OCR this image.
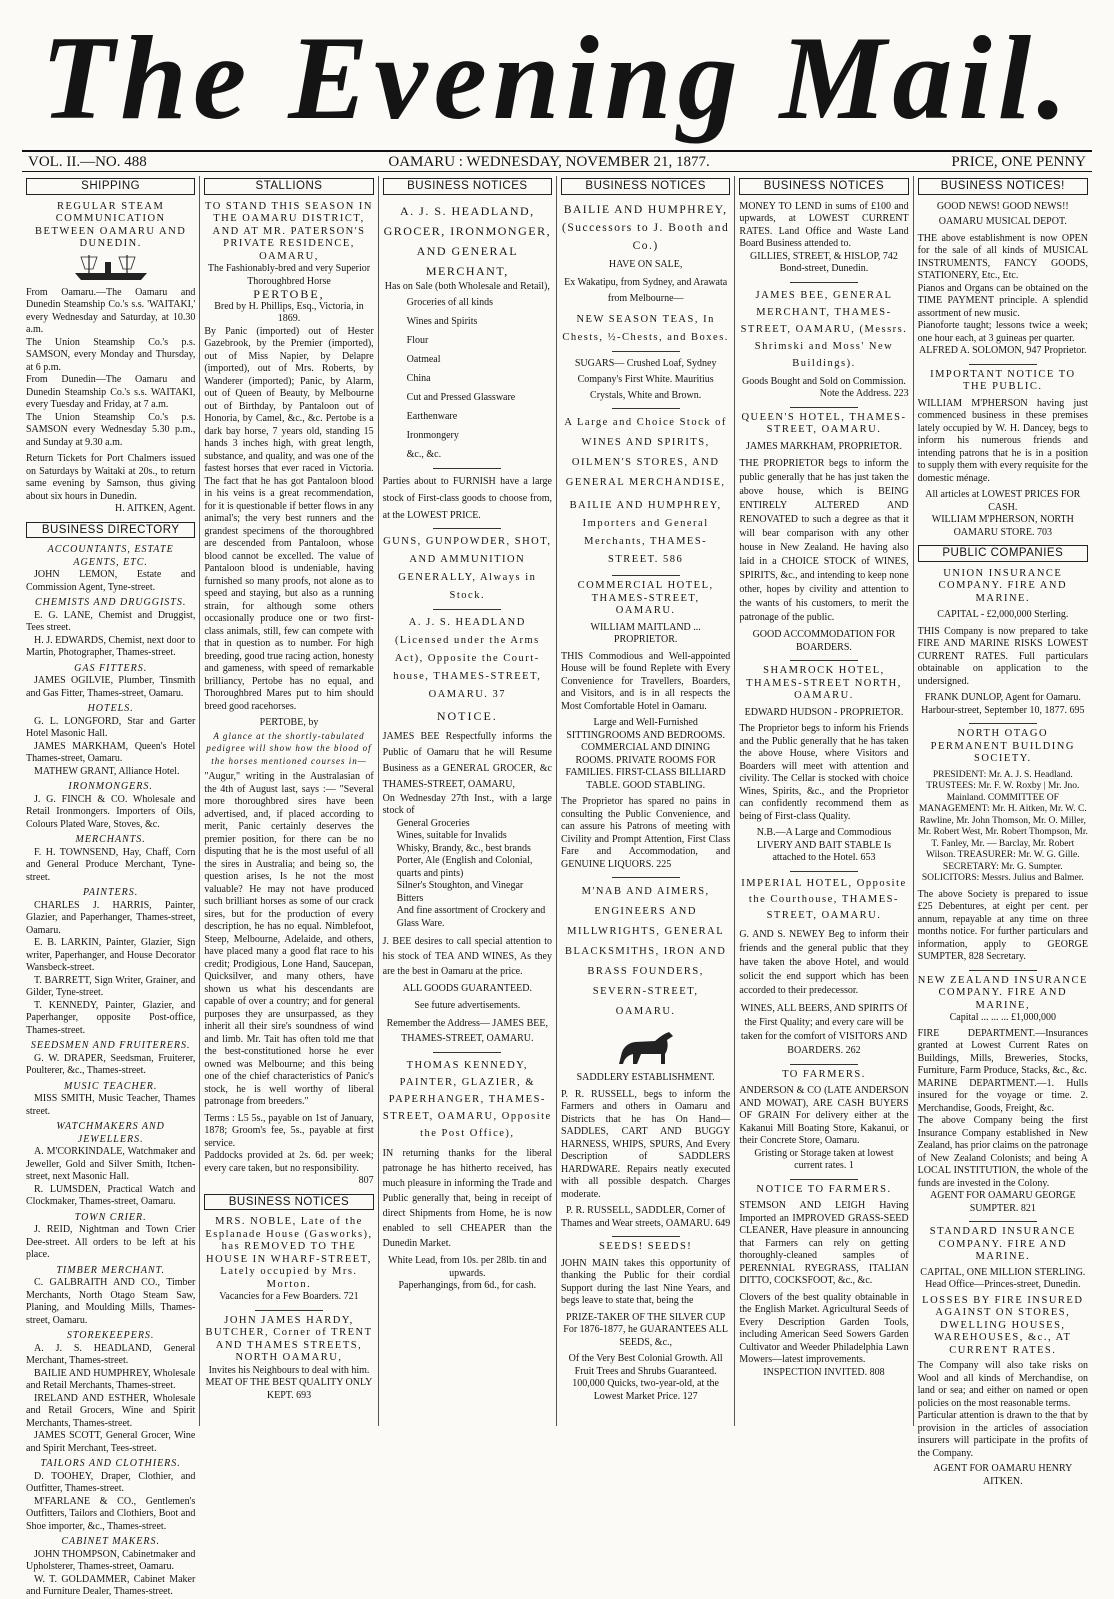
The Evening Mail.
VOL. II.—NO. 488	OAMARU : WEDNESDAY, NOVEMBER 21, 1877.	PRICE, ONE PENNY
SHIPPING
REGULAR STEAM COMMUNICATION BETWEEN OAMARU AND DUNEDIN.

From Oamaru.—The Oamaru and Dunedin Steamship Co.'s s.s. 'WAITAKI,' every Wednesday and Saturday, at 10.30 a.m.

The Union Steamship Co.'s p.s. SAMSON, every Monday and Thursday, at 6 p.m.

From Dunedin—The Oamaru and Dunedin Steamship Co.'s s.s. WAITAKI, every Tuesday and Friday, at 7 a.m.

The Union Steamship Co.'s p.s. SAMSON every Wednesday 5.30 p.m., and Sunday at 9.30 a.m.

Return Tickets for Port Chalmers issued on Saturdays by Waitaki at 20s., to return same evening by Samson, thus giving about six hours in Dunedin.

H. AITKEN, Agent.

BUSINESS DIRECTORY

ACCOUNTANTS, ESTATE AGENTS, ETC.

JOHN LEMON, Estate and Commission Agent, Tyne-street.

CHEMISTS AND DRUGGISTS.

E. G. LANE, Chemist and Druggist, Tees street.

H. J. EDWARDS, Chemist, next door to Martin, Photographer, Thames-street.

GAS FITTERS.

JAMES OGILVIE, Plumber, Tinsmith and Gas Fitter, Thames-street, Oamaru.

HOTELS.

G. L. LONGFORD, Star and Garter Hotel Masonic Hall.

JAMES MARKHAM, Queen's Hotel Thames-street, Oamaru.

MATHEW GRANT, Alliance Hotel.

IRONMONGERS.

J. G. FINCH & CO. Wholesale and Retail Ironmongers. Importers of Oils, Colours Plated Ware, Stoves, &c.

MERCHANTS.

F. H. TOWNSEND, Hay, Chaff, Corn and General Produce Merchant, Tyne-street.

PAINTERS.

CHARLES J. HARRIS, Painter, Glazier, and Paperhanger, Thames-street, Oamaru.

E. B. LARKIN, Painter, Glazier, Sign writer, Paperhanger, and House Decorator Wansbeck-street.

T. BARRETT, Sign Writer, Grainer, and Gilder, Tyne-street.

T. KENNEDY, Painter, Glazier, and Paperhanger, opposite Post-office, Thames-street.

SEEDSMEN AND FRUITERERS.

G. W. DRAPER, Seedsman, Fruiterer, Poulterer, &c., Thames-street.

MUSIC TEACHER.

MISS SMITH, Music Teacher, Thames street.

WATCHMAKERS AND JEWELLERS.

A. M'CORKINDALE, Watchmaker and Jeweller, Gold and Silver Smith, Itchen-street, next Masonic Hall.

R. LUMSDEN, Practical Watch and Clockmaker, Thames-street, Oamaru.

TOWN CRIER.

J. REID, Nightman and Town Crier Dee-street. All orders to be left at his place.

TIMBER MERCHANT.

C. GALBRAITH AND CO., Timber Merchants, North Otago Steam Saw, Planing, and Moulding Mills, Thames-street, Oamaru.

STOREKEEPERS.

A. J. S. HEADLAND, General Merchant, Thames-street.

BAILIE AND HUMPHREY, Wholesale and Retail Merchants, Thames-street.

IRELAND AND ESTHER, Wholesale and Retail Grocers, Wine and Spirit Merchants, Thames-street.

JAMES SCOTT, General Grocer, Wine and Spirit Merchant, Tees-street.

TAILORS AND CLOTHIERS.

D. TOOHEY, Draper, Clothier, and Outfitter, Thames-street.

M'FARLANE & CO., Gentlemen's Outfitters, Tailors and Clothiers, Boot and Shoe importer, &c., Thames-street.

CABINET MAKERS.

JOHN THOMPSON, Cabinetmaker and Upholsterer, Thames-street, Oamaru.

W. T. GOLDAMMER, Cabinet Maker and Furniture Dealer, Thames-street.

STALLIONS

TO STAND THIS SEASON IN THE OAMARU DISTRICT, AND AT MR. PATERSON'S PRIVATE RESIDENCE, OAMARU,

The Fashionably-bred and very Superior Thoroughbred Horse

PERTOBE,

Bred by H. Phillips, Esq., Victoria, in 1869.

By Panic (imported) out of Hester Gazebrook, by the Premier (imported), out of Miss Napier, by Delapre (imported), out of Mrs. Roberts, by Wanderer (imported); Panic, by Alarm, out of Queen of Beauty, by Melbourne out of Birthday, by Pantaloon out of Honoria, by Camel, &c., &c. Pertobe is a dark bay horse, 7 years old, standing 15 hands 3 inches high, with great length, substance, and quality, and was one of the fastest horses that ever raced in Victoria. The fact that he has got Pantaloon blood in his veins is a great recommendation, for it is questionable if better flows in any animal's; the very best runners and the grandest specimens of the thoroughbred are descended from Pantaloon, whose blood cannot be excelled. The value of Pantaloon blood is undeniable, having furnished so many proofs, not alone as to speed and staying, but also as a running strain, for although some others occasionally produce one or two first-class animals, still, few can compete with that in question as to number. For high breeding, good true racing action, honesty and gameness, with speed of remarkable brilliancy, Pertobe has no equal, and Thoroughbred Mares put to him should breed good racehorses.

PERTOBE, by

A glance at the shortly-tabulated pedigree will show how the blood of the horses mentioned courses in—

"Augur," writing in the Australasian of the 4th of August last, says :— "Several more thoroughbred sires have been advertised, and, if placed according to merit, Panic certainly deserves the premier position, for there can be no disputing that he is the most useful of all the sires in Australia; and being so, the question arises, Is he not the most valuable? He may not have produced such brilliant horses as some of our crack sires, but for the production of every description, he has no equal. Nimblefoot, Steep, Melbourne, Adelaide, and others, have placed many a good flat race to his credit; Prodigious, Lone Hand, Saucepan, Quicksilver, and many others, have shown us what his descendants are capable of over a country; and for general purposes they are unsurpassed, as they inherit all their sire's soundness of wind and limb. Mr. Tait has often told me that the best-constitutioned horse he ever owned was Melbourne; and this being one of the chief characteristics of Panic's stock, he is well worthy of liberal patronage from breeders."

Terms : L5 5s., payable on 1st of January, 1878; Groom's fee, 5s., payable at first service.

Paddocks provided at 2s. 6d. per week; every care taken, but no responsibility.

807

BUSINESS NOTICES

MRS. NOBLE, Late of the Esplanade House (Gasworks), has REMOVED TO THE HOUSE IN WHARF-STREET, Lately occupied by Mrs. Morton.

Vacancies for a Few Boarders. 721

JOHN JAMES HARDY, BUTCHER, Corner of TRENT AND THAMES STREETS, NORTH OAMARU,

Invites his Neighbours to deal with him.

MEAT OF THE BEST QUALITY ONLY KEPT. 693

BUSINESS NOTICES

A. J. S. HEADLAND, GROCER, IRONMONGER, AND GENERAL MERCHANT,

Has on Sale (both Wholesale and Retail),

Groceries of all kinds

Wines and Spirits

Flour

Oatmeal

China

Cut and Pressed Glassware

Earthenware

Ironmongery

&c., &c.

Parties about to FURNISH have a large stock of First-class goods to choose from, at the LOWEST PRICE.

GUNS, GUNPOWDER, SHOT, AND AMMUNITION GENERALLY, Always in Stock.

A. J. S. HEADLAND (Licensed under the Arms Act), Opposite the Court-house, THAMES-STREET, OAMARU. 37

NOTICE.

JAMES BEE Respectfully informs the Public of Oamaru that he will Resume Business as a GENERAL GROCER, &c THAMES-STREET, OAMARU,

On Wednesday 27th Inst., with a large stock of

General Groceries

Wines, suitable for Invalids

Whisky, Brandy, &c., best brands

Porter, Ale (English and Colonial, quarts and pints)

Silner's Stoughton, and Vinegar Bitters

And fine assortment of Crockery and Glass Ware.

J. BEE desires to call special attention to his stock of TEA AND WINES, As they are the best in Oamaru at the price.

ALL GOODS GUARANTEED.

See future advertisements.

Remember the Address— JAMES BEE, THAMES-STREET, OAMARU.

THOMAS KENNEDY, PAINTER, GLAZIER, & PAPERHANGER, THAMES-STREET, OAMARU, Opposite the Post Office),

IN returning thanks for the liberal patronage he has hitherto received, has much pleasure in informing the Trade and Public generally that, being in receipt of direct Shipments from Home, he is now enabled to sell CHEAPER than the Dunedin Market.

White Lead, from 10s. per 28lb. tin and upwards.

Paperhangings, from 6d., for cash.

BUSINESS NOTICES

BAILIE AND HUMPHREY, (Successors to J. Booth and Co.)

HAVE ON SALE,

Ex Wakatipu, from Sydney, and Arawata from Melbourne—

NEW SEASON TEAS, In Chests, ½-Chests, and Boxes.

SUGARS— Crushed Loaf, Sydney Company's First White. Mauritius Crystals, White and Brown.

A Large and Choice Stock of WINES AND SPIRITS, OILMEN'S STORES, AND GENERAL MERCHANDISE,

BAILIE AND HUMPHREY, Importers and General Merchants, THAMES-STREET. 586

COMMERCIAL HOTEL, THAMES-STREET, OAMARU.

WILLIAM MAITLAND ... PROPRIETOR.

THIS Commodious and Well-appointed House will be found Replete with Every Convenience for Travellers, Boarders, and Visitors, and is in all respects the Most Comfortable Hotel in Oamaru.

Large and Well-Furnished SITTINGROOMS AND BEDROOMS. COMMERCIAL AND DINING ROOMS. PRIVATE ROOMS FOR FAMILIES. FIRST-CLASS BILLIARD TABLE. GOOD STABLING.

The Proprietor has spared no pains in consulting the Public Convenience, and can assure his Patrons of meeting with Civility and Prompt Attention, First Class Fare and Accommodation, and GENUINE LIQUORS. 225

M'NAB AND AIMERS, ENGINEERS AND MILLWRIGHTS, GENERAL BLACKSMITHS, IRON AND BRASS FOUNDERS, SEVERN-STREET, OAMARU.

SADDLERY ESTABLISHMENT.

P. R. RUSSELL, begs to inform the Farmers and others in Oamaru and Districts that he has On Hand— SADDLES, CART AND BUGGY HARNESS, WHIPS, SPURS, And Every Description of SADDLERS HARDWARE. Repairs neatly executed with all possible despatch. Charges moderate.

P. R. RUSSELL, SADDLER, Corner of Thames and Wear streets, OAMARU. 649

SEEDS! SEEDS!

JOHN MAIN takes this opportunity of thanking the Public for their cordial Support during the last Nine Years, and begs leave to state that, being the

PRIZE-TAKER OF THE SILVER CUP For 1876-1877, he GUARANTEES ALL SEEDS, &c.,

Of the Very Best Colonial Growth. All Fruit Trees and Shrubs Guaranteed. 100,000 Quicks, two-year-old, at the Lowest Market Price. 127

BUSINESS NOTICES

MONEY TO LEND in sums of £100 and upwards, at LOWEST CURRENT RATES. Land Office and Waste Land Board Business attended to.

GILLIES, STREET, & HISLOP, 742 Bond-street, Dunedin.

JAMES BEE, GENERAL MERCHANT, THAMES-STREET, OAMARU, (Messrs. Shrimski and Moss' New Buildings).

Goods Bought and Sold on Commission.

Note the Address. 223

QUEEN'S HOTEL, THAMES-STREET, OAMARU.

JAMES MARKHAM, PROPRIETOR.

THE PROPRIETOR begs to inform the public generally that he has just taken the above house, which is BEING ENTIRELY ALTERED AND RENOVATED to such a degree as that it will bear comparison with any other house in New Zealand. He having also laid in a CHOICE STOCK of WINES, SPIRITS, &c., and intending to keep none other, hopes by civility and attention to the wants of his customers, to merit the patronage of the public.

GOOD ACCOMMODATION FOR BOARDERS.

SHAMROCK HOTEL, THAMES-STREET NORTH, OAMARU.

EDWARD HUDSON - PROPRIETOR.

The Proprietor begs to inform his Friends and the Public generally that he has taken the above House, where Visitors and Boarders will meet with attention and civility. The Cellar is stocked with choice Wines, Spirits, &c., and the Proprietor can confidently recommend them as being of First-class Quality.

N.B.—A Large and Commodious LIVERY AND BAIT STABLE Is attached to the Hotel. 653

IMPERIAL HOTEL, Opposite the Courthouse, THAMES-STREET, OAMARU.

G. AND S. NEWEY Beg to inform their friends and the general public that they have taken the above Hotel, and would solicit the end support which has been accorded to their predecessor.

WINES, ALL BEERS, AND SPIRITS Of the First Quality; and every care will be taken for the comfort of VISITORS AND BOARDERS. 262

TO FARMERS.

ANDERSON & CO (LATE ANDERSON AND MOWAT), ARE CASH BUYERS OF GRAIN For delivery either at the Kakanui Mill Boating Store, Kakanui, or their Concrete Store, Oamaru.

Gristing or Storage taken at lowest current rates. 1

NOTICE TO FARMERS.

STEMSON AND LEIGH Having Imported an IMPROVED GRASS-SEED CLEANER, Have pleasure in announcing that Farmers can rely on getting thoroughly-cleaned samples of PERENNIAL RYEGRASS, ITALIAN DITTO, COCKSFOOT, &c., &c.

Clovers of the best quality obtainable in the English Market. Agricultural Seeds of Every Description Garden Tools, including American Seed Sowers Garden Cultivator and Weeder Philadelphia Lawn Mowers—latest improvements.

INSPECTION INVITED. 808

BUSINESS NOTICES!

GOOD NEWS! GOOD NEWS!!

OAMARU MUSICAL DEPOT.

THE above establishment is now OPEN for the sale of all kinds of MUSICAL INSTRUMENTS, FANCY GOODS, STATIONERY, Etc., Etc.

Pianos and Organs can be obtained on the TIME PAYMENT principle. A splendid assortment of new music.

Pianoforte taught; lessons twice a week; one hour each, at 3 guineas per quarter.

ALFRED A. SOLOMON, 947 Proprietor.

IMPORTANT NOTICE TO THE PUBLIC.

WILLIAM M'PHERSON having just commenced business in these premises lately occupied by W. H. Dancey, begs to inform his numerous friends and intending patrons that he is in a position to supply them with every requisite for the domestic ménage.

All articles at LOWEST PRICES FOR CASH.

WILLIAM M'PHERSON, NORTH OAMARU STORE. 703

PUBLIC COMPANIES

UNION INSURANCE COMPANY. FIRE AND MARINE.

CAPITAL - £2,000,000 Sterling.

THIS Company is now prepared to take FIRE AND MARINE RISKS LOWEST CURRENT RATES. Full particulars obtainable on application to the undersigned.

FRANK DUNLOP, Agent for Oamaru. Harbour-street, September 10, 1877. 695

NORTH OTAGO PERMANENT BUILDING SOCIETY.

PRESIDENT: Mr. A. J. S. Headland. TRUSTEES: Mr. F. W. Roxby | Mr. Jno. Mainland. COMMITTEE OF MANAGEMENT: Mr. H. Aitken, Mr. W. C. Rawline, Mr. John Thomson, Mr. O. Miller, Mr. Robert West, Mr. Robert Thompson, Mr. T. Fanley, Mr. — Barclay, Mr. Robert Wilson. TREASURER: Mr. W. G. Gille. SECRETARY: Mr. G. Sumpter. SOLICITORS: Messrs. Julius and Balmer.

The above Society is prepared to issue £25 Debentures, at eight per cent. per annum, repayable at any time on three months notice. For further particulars and information, apply to GEORGE SUMPTER, 828 Secretary.

NEW ZEALAND INSURANCE COMPANY. FIRE AND MARINE,

Capital ... ... ... £1,000,000

FIRE DEPARTMENT.—Insurances granted at Lowest Current Rates on Buildings, Mills, Breweries, Stocks, Furniture, Farm Produce, Stacks, &c., &c.

MARINE DEPARTMENT.—1. Hulls insured for the voyage or time. 2. Merchandise, Goods, Freight, &c.

The above Company being the first Insurance Company established in New Zealand, has prior claims on the patronage of New Zealand Colonists; and being A LOCAL INSTITUTION, the whole of the funds are invested in the Colony.

AGENT FOR OAMARU GEORGE SUMPTER. 821

STANDARD INSURANCE COMPANY. FIRE AND MARINE.

CAPITAL, ONE MILLION STERLING. Head Office—Princes-street, Dunedin.

LOSSES BY FIRE INSURED AGAINST ON STORES, DWELLING HOUSES, WAREHOUSES, &c., AT CURRENT RATES.

The Company will also take risks on Wool and all kinds of Merchandise, on land or sea; and either on named or open policies on the most reasonable terms.

Particular attention is drawn to the that by provision in the articles of association insurers will participate in the profits of the Company.

AGENT FOR OAMARU HENRY AITKEN.
